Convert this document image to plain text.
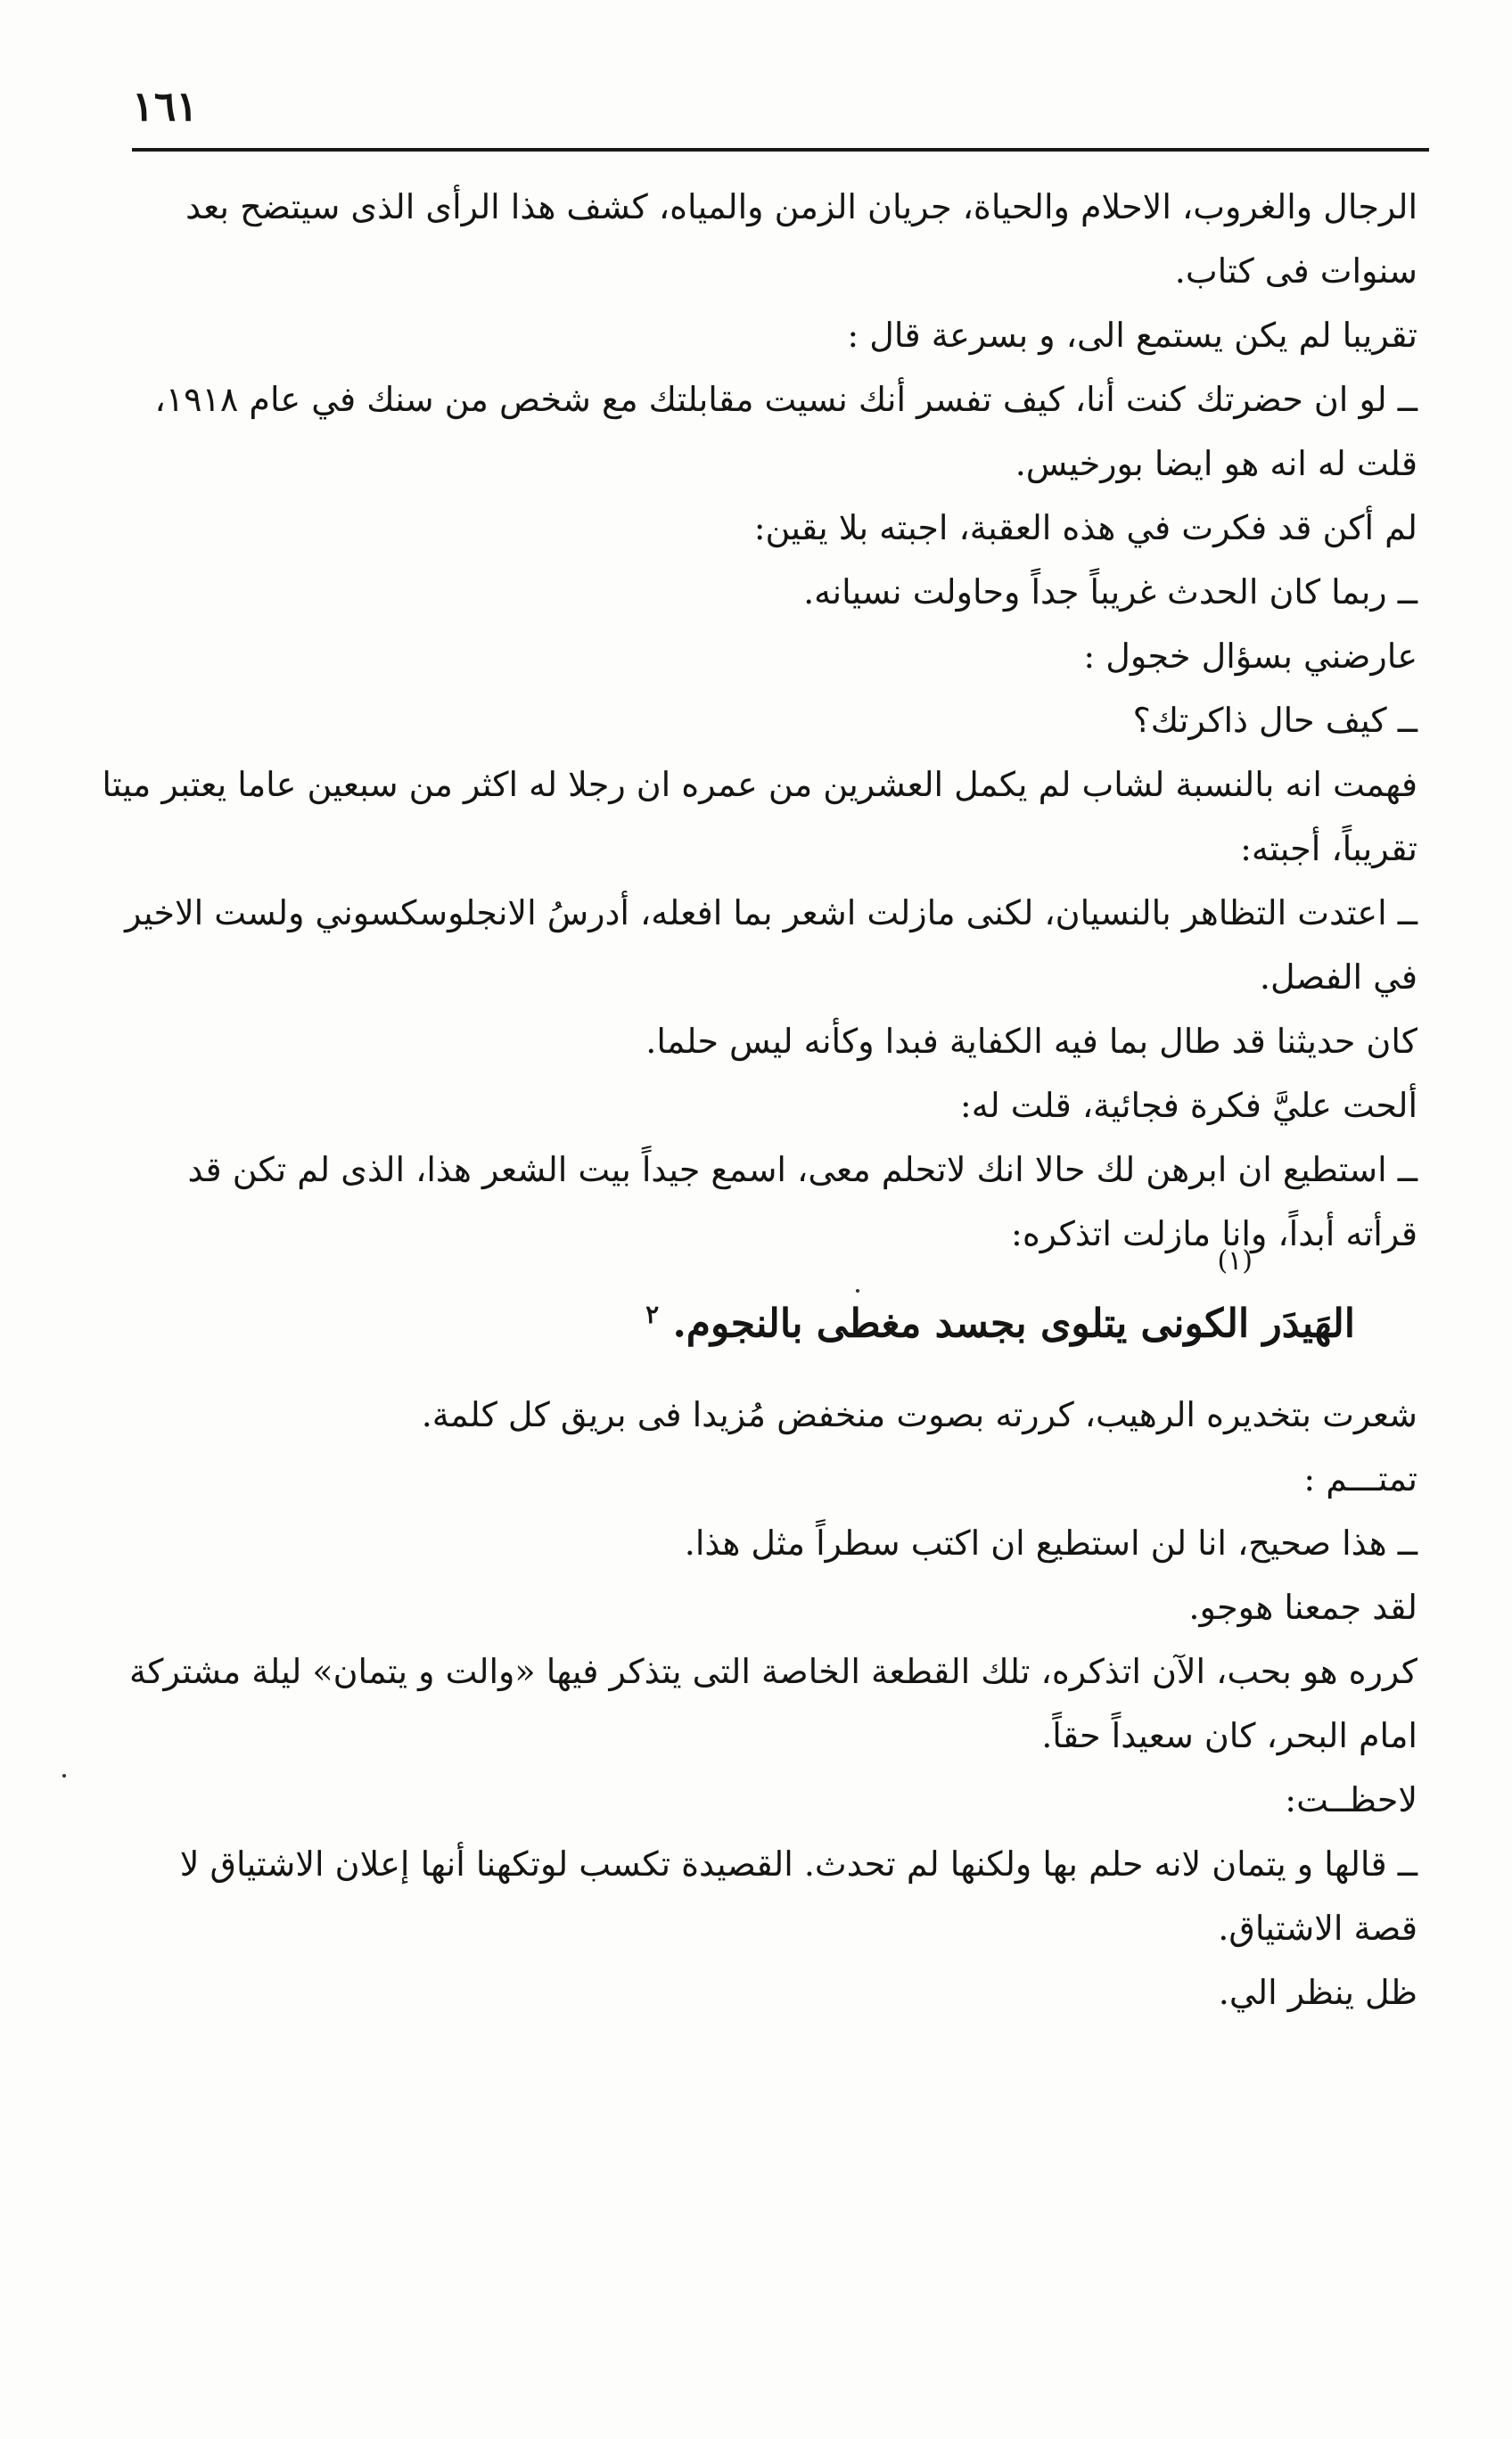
١٦١

الرجال والغروب، الاحلام والحياة، جريان الزمن والمياه، كشف هذا الرأى الذى سيتضح بعد

سنوات فى كتاب.

تقريبا لم يكن يستمع الى، و بسرعة قال :

ــ لو ان حضرتك كنت أنا، كيف تفسر أنك نسيت مقابلتك مع شخص من سنك في عام ١٩١٨،

قلت له انه هو ايضا بورخيس.

لم أكن قد فكرت في هذه العقبة، اجبته بلا يقين:

ــ ربما كان الحدث غريباً جداً وحاولت نسيانه.

عارضني بسؤال خجول :

ــ كيف حال ذاكرتك؟

فهمت انه بالنسبة لشاب لم يكمل العشرين من عمره ان رجلا له اكثر من سبعين عاما يعتبر ميتا

تقريباً، أجبته:

ــ اعتدت التظاهر بالنسيان، لكنى مازلت اشعر بما افعله، أدرسُ الانجلوسكسوني ولست الاخير

في الفصل.

كان حديثنا قد طال بما فيه الكفاية فبدا وكأنه ليس حلما.

ألحت عليَّ فكرة فجائية، قلت له:

ــ استطيع ان ابرهن لك حالا انك لاتحلم معى، اسمع جيداً بيت الشعر هذا، الذى لم تكن قد

قرأته أبداً، وانا مازلت اتذكره:

(١)

الهَيدَر الكونى يتلوى بجسد مغطى بالنجوم. $^٢$

شعرت بتخديره الرهيب، كررته بصوت منخفض مُزيدا فى بريق كل كلمة.

تمتـــم :

ــ هذا صحيح، انا لن استطيع ان اكتب سطراً مثل هذا.

لقد جمعنا هوجو.

كرره هو بحب، الآن اتذكره، تلك القطعة الخاصة التى يتذكر فيها «والت و يتمان» ليلة مشتركة

امام البحر، كان سعيداً حقاً.

لاحظــت:

ــ قالها و يتمان لانه حلم بها ولكنها لم تحدث. القصيدة تكسب لوتكهنا أنها إعلان الاشتياق لا

قصة الاشتياق.

ظل ينظر الي.
